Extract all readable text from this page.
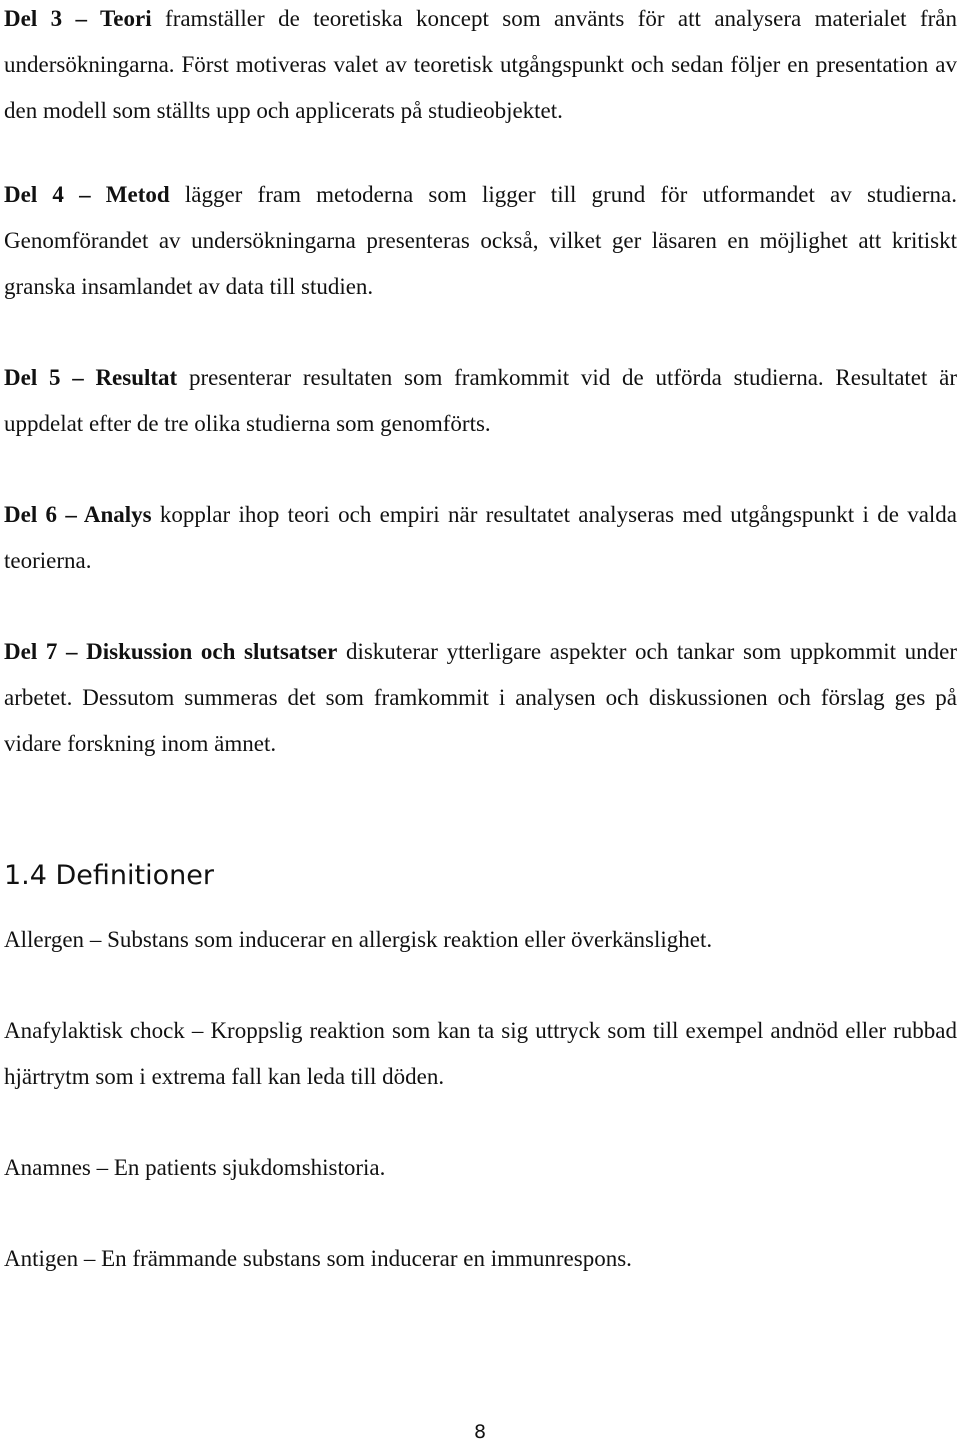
Del 3 – Teori framställer de teoretiska koncept som använts för att analysera materialet från undersökningarna. Först motiveras valet av teoretisk utgångspunkt och sedan följer en presentation av den modell som ställts upp och applicerats på studieobjektet.

Del 4 – Metod lägger fram metoderna som ligger till grund för utformandet av studierna. Genomförandet av undersökningarna presenteras också, vilket ger läsaren en möjlighet att kritiskt granska insamlandet av data till studien.

Del 5 – Resultat presenterar resultaten som framkommit vid de utförda studierna. Resultatet är uppdelat efter de tre olika studierna som genomförts.

Del 6 – Analys kopplar ihop teori och empiri när resultatet analyseras med utgångspunkt i de valda teorierna.

Del 7 – Diskussion och slutsatser diskuterar ytterligare aspekter och tankar som uppkommit under arbetet. Dessutom summeras det som framkommit i analysen och diskussionen och förslag ges på vidare forskning inom ämnet.

1.4 Definitioner

Allergen – Substans som inducerar en allergisk reaktion eller överkänslighet.

Anafylaktisk chock – Kroppslig reaktion som kan ta sig uttryck som till exempel andnöd eller rubbad hjärtrytm som i extrema fall kan leda till döden.

Anamnes – En patients sjukdomshistoria.

Antigen – En främmande substans som inducerar en immunrespons.

8
